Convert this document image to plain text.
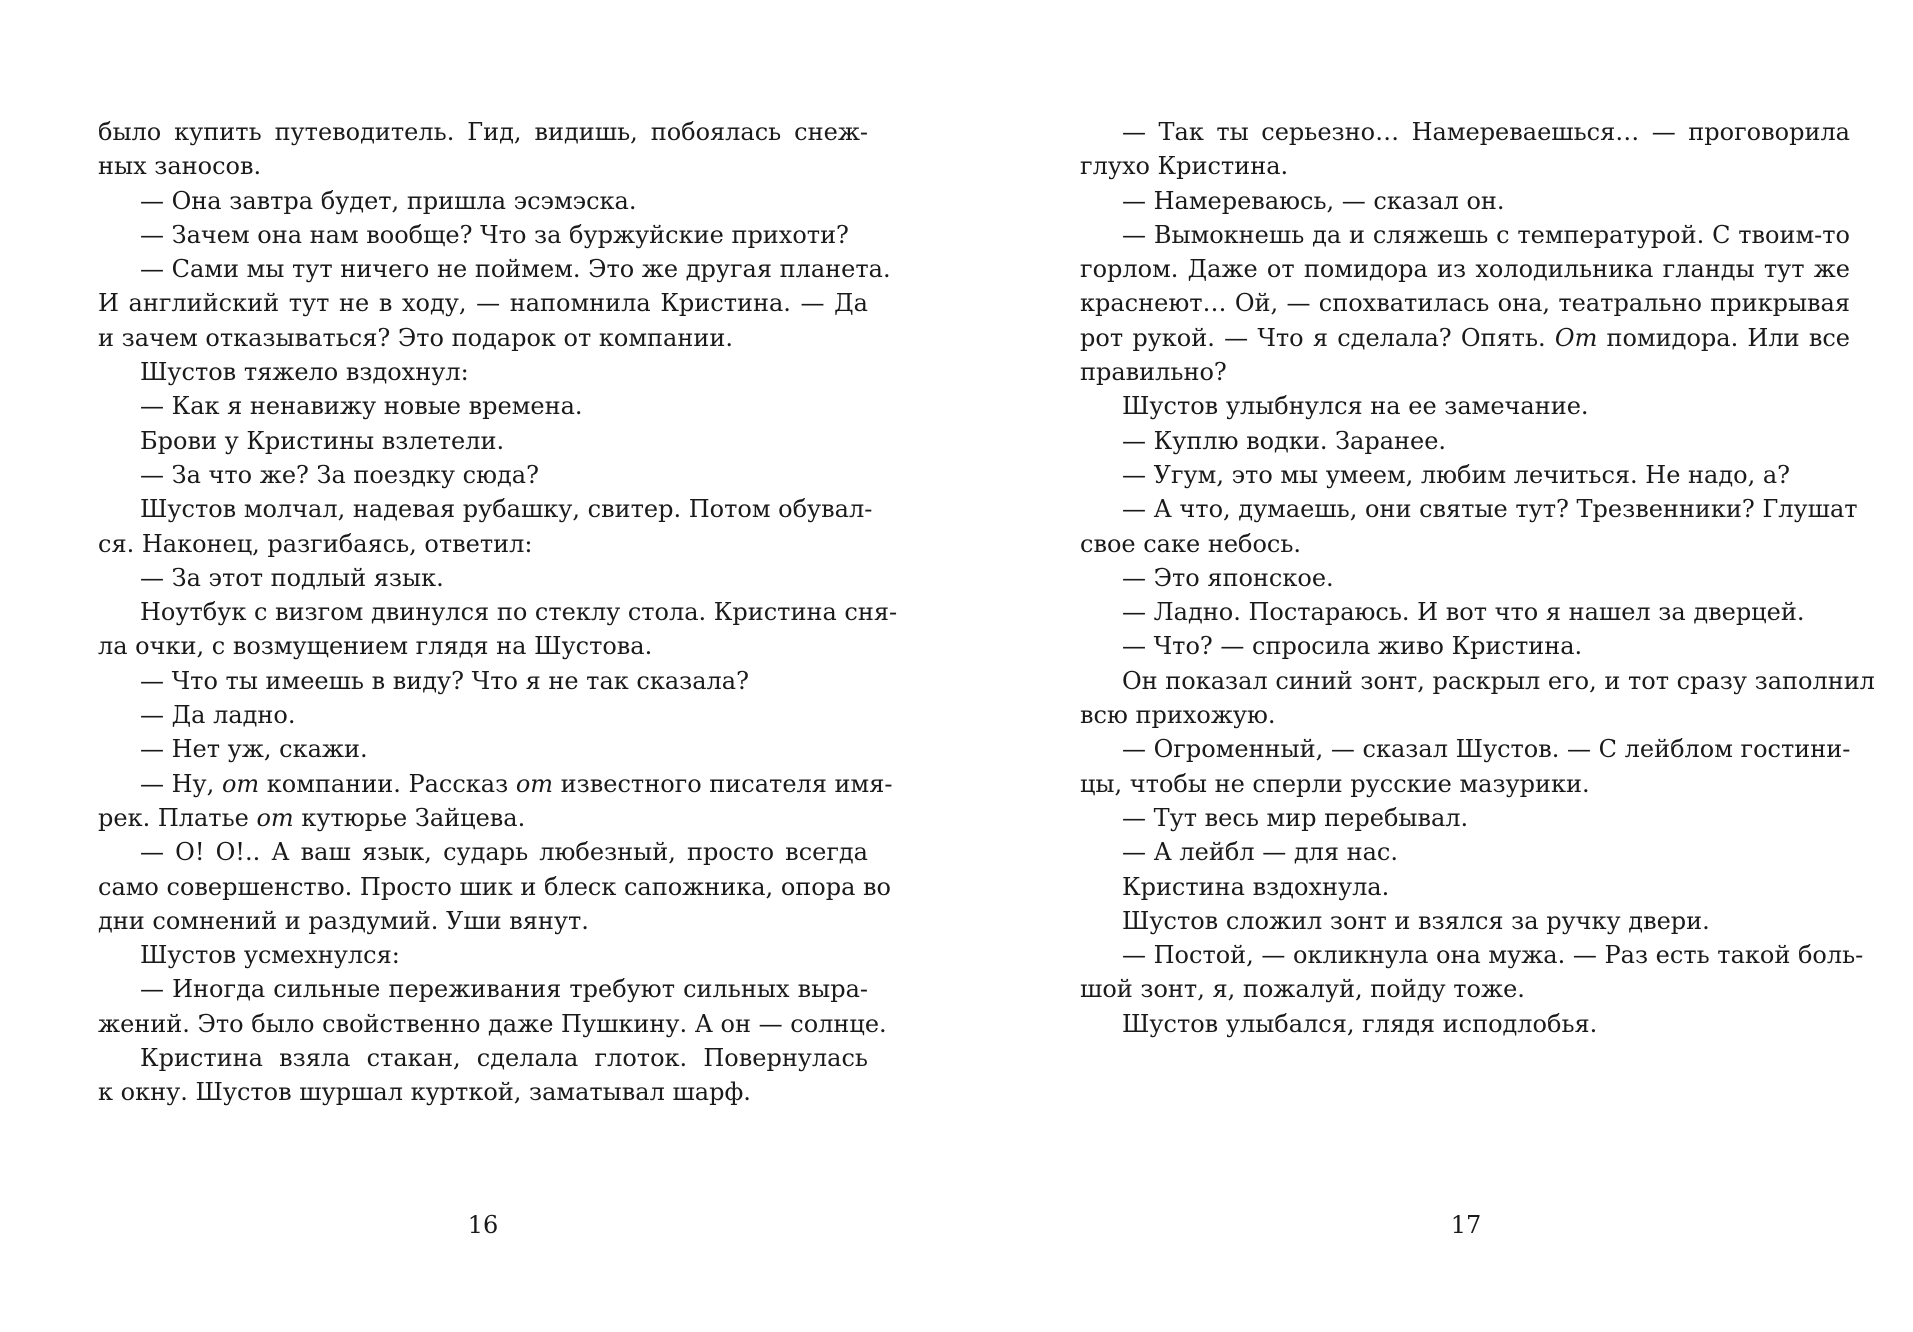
было купить путеводитель. Гид, видишь, побоялась снеж-
ных заносов.
— Она завтра будет, пришла эсэмэска.
— Зачем она нам вообще? Что за буржуйские прихоти?
— Сами мы тут ничего не поймем. Это же другая планета.
И английский тут не в ходу, — напомнила Кристина. — Да
и зачем отказываться? Это подарок от компании.
Шустов тяжело вздохнул:
— Как я ненавижу новые времена.
Брови у Кристины взлетели.
— За что же? За поездку сюда?
Шустов молчал, надевая рубашку, свитер. Потом обувал-
ся. Наконец, разгибаясь, ответил:
— За этот подлый язык.
Ноутбук с визгом двинулся по стеклу стола. Кристина сня-
ла очки, с возмущением глядя на Шустова.
— Что ты имеешь в виду? Что я не так сказала?
— Да ладно.
— Нет уж, скажи.
— Ну, от компании. Рассказ от известного писателя имя-
рек. Платье от кутюрье Зайцева.
— О! О!.. А ваш язык, сударь любезный, просто всегда
само совершенство. Просто шик и блеск сапожника, опора во
дни сомнений и раздумий. Уши вянут.
Шустов усмехнулся:
— Иногда сильные переживания требуют сильных выра-
жений. Это было свойственно даже Пушкину. А он — солнце.
Кристина взяла стакан, сделала глоток. Повернулась
к окну. Шустов шуршал курткой, заматывал шарф.
16
— Так ты серьезно… Намереваешься… — проговорила
глухо Кристина.
— Намереваюсь, — сказал он.
— Вымокнешь да и сляжешь с температурой. С твоим-то
горлом. Даже от помидора из холодильника гланды тут же
краснеют… Ой, — спохватилась она, театрально прикрывая
рот рукой. — Что я сделала? Опять. От помидора. Или все
правильно?
Шустов улыбнулся на ее замечание.
— Куплю водки. Заранее.
— Угум, это мы умеем, любим лечиться. Не надо, а?
— А что, думаешь, они святые тут? Трезвенники? Глушат
свое саке небось.
— Это японское.
— Ладно. Постараюсь. И вот что я нашел за дверцей.
— Что? — спросила живо Кристина.
Он показал синий зонт, раскрыл его, и тот сразу заполнил
всю прихожую.
— Огроменный, — сказал Шустов. — С лейблом гостини-
цы, чтобы не сперли русские мазурики.
— Тут весь мир перебывал.
— А лейбл — для нас.
Кристина вздохнула.
Шустов сложил зонт и взялся за ручку двери.
— Постой, — окликнула она мужа. — Раз есть такой боль-
шой зонт, я, пожалуй, пойду тоже.
Шустов улыбался, глядя исподлобья.
17
